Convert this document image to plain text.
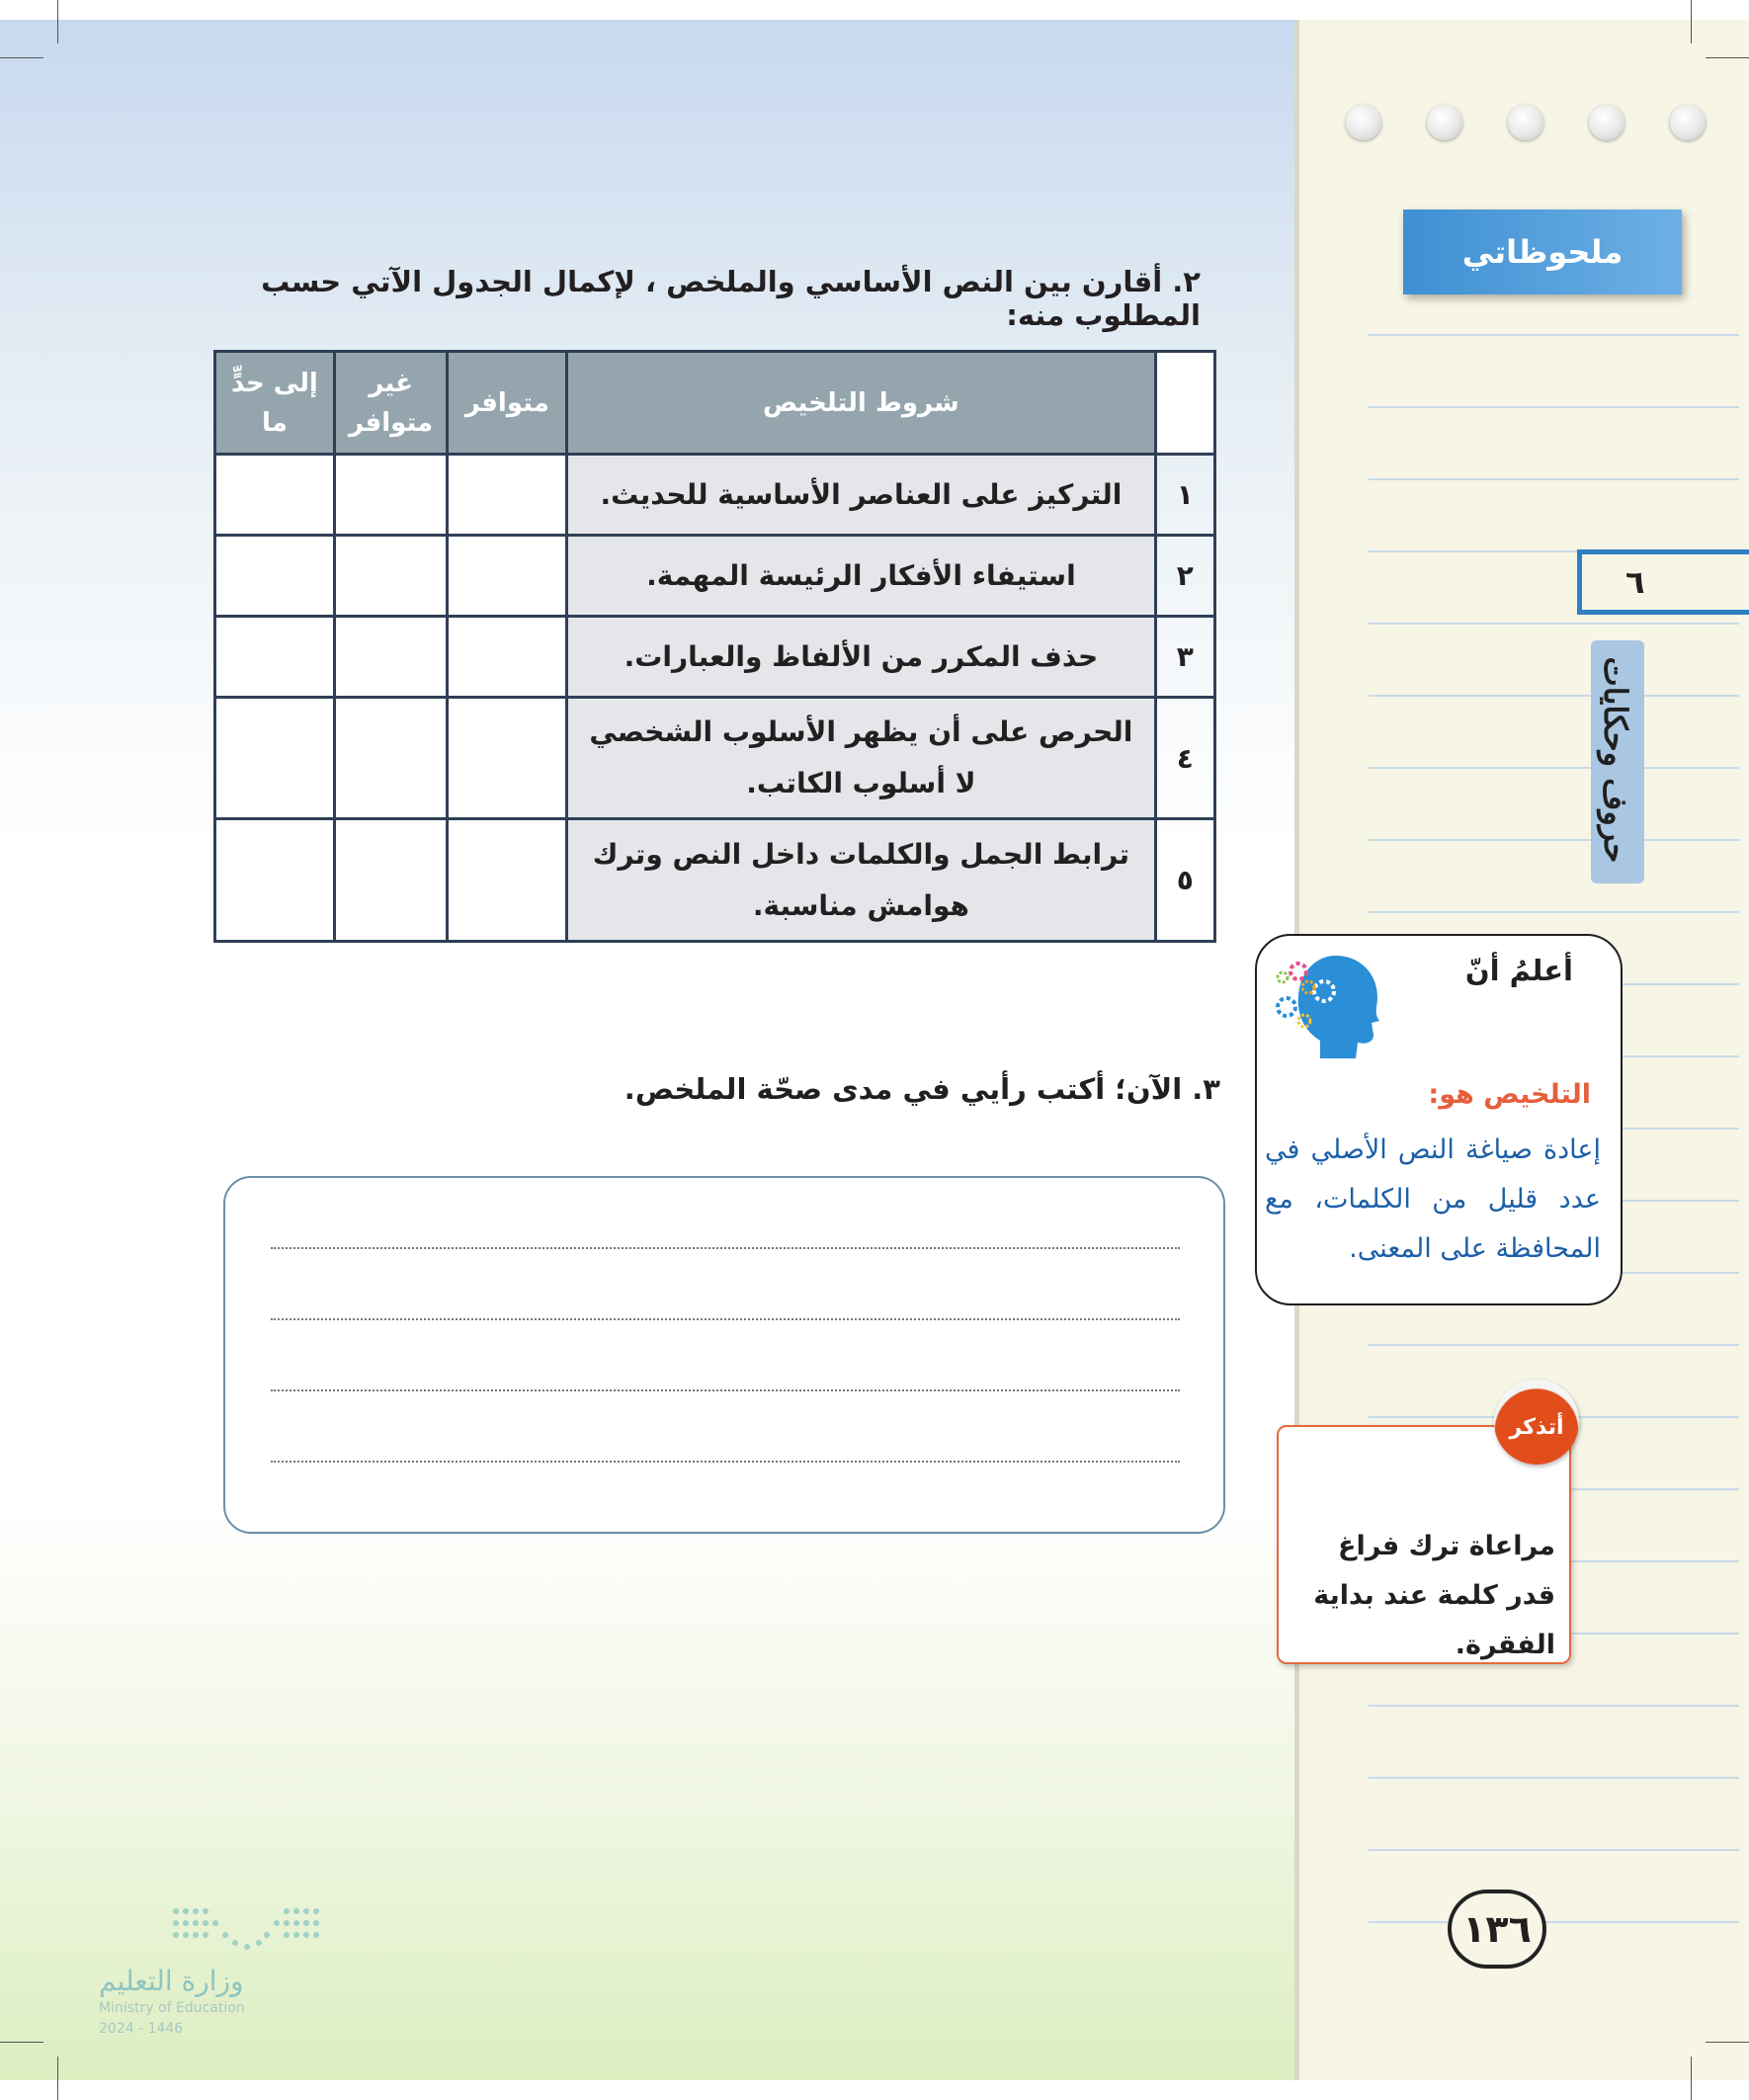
ملحوظاتي
٦
حروف وحكايات
٢. أقارن بين النص الأساسي والملخص ، لإكمال الجدول الآتي حسب المطلوب منه:
	شروط التلخيص	متوافر	غير متوافر	إلى حدٍّ ما
١	التركيز على العناصر الأساسية للحديث.			
٢	استيفاء الأفكار الرئيسة المهمة.			
٣	حذف المكرر من الألفاظ والعبارات.			
٤	الحرص على أن يظهر الأسلوب الشخصي لا أسلوب الكاتب.			
٥	ترابط الجمل والكلمات داخل النص وترك هوامش مناسبة.			
٣. الآن؛ أكتب رأيي في مدى صحّة الملخص.
أعلمُ أنّ
التلخيص هو:
إعادة صياغة النص الأصلي في عدد قليل من الكلمات، مع المحافظة على المعنى.
مراعاة ترك فراغ قدر كلمة عند بداية الفقرة.
أتذكر
١٣٦
وزارة التعليم
Ministry of Education
2024 - 1446
